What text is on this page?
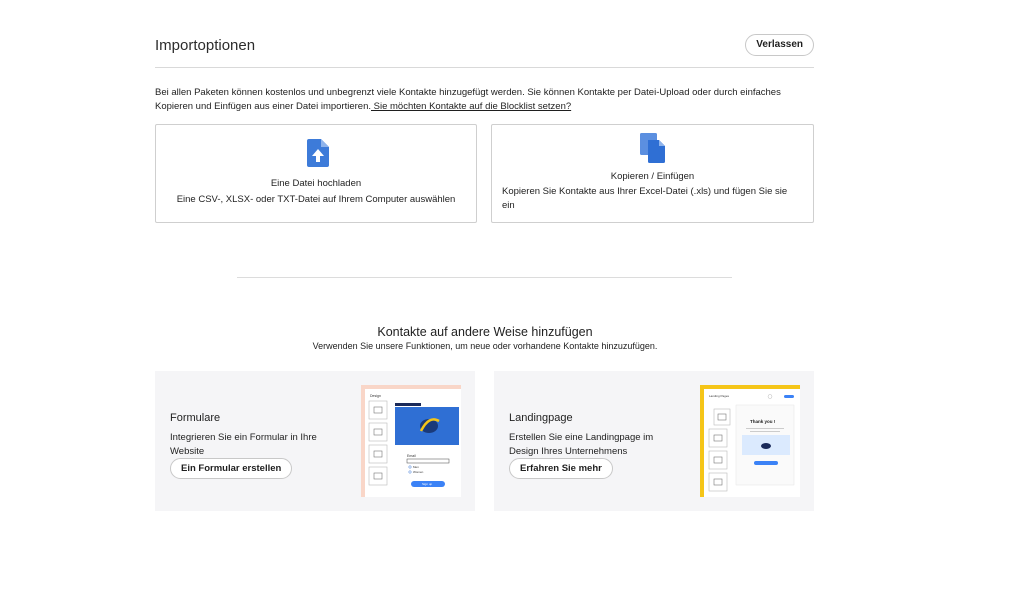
Importoptionen	Verlassen

Bei allen Paketen können kostenlos und unbegrenzt viele Kontakte hinzugefügt werden. Sie können Kontakte per Datei-Upload oder durch einfaches Kopieren und Einfügen aus einer Datei importieren. Sie möchten Kontakte auf die Blocklist setzen?

Eine Datei hochladen
Eine CSV-, XLSX- oder TXT-Datei auf Ihrem Computer auswählen
Kopieren / Einfügen
Kopieren Sie Kontakte aus Ihrer Excel-Datei (.xls) und fügen Sie sie ein
Kontakte auf andere Weise hinzufügen
Verwenden Sie unsere Funktionen, um neue oder vorhandene Kontakte hinzuzufügen.
Formulare
Integrieren Sie ein Formular in Ihre Website
Ein Formular erstellen
Design
Email
Men
Women
Sign up
Landingpage
Erstellen Sie eine Landingpage im Design Ihres Unternehmens
Erfahren Sie mehr
Landing Pages
Thank you !
